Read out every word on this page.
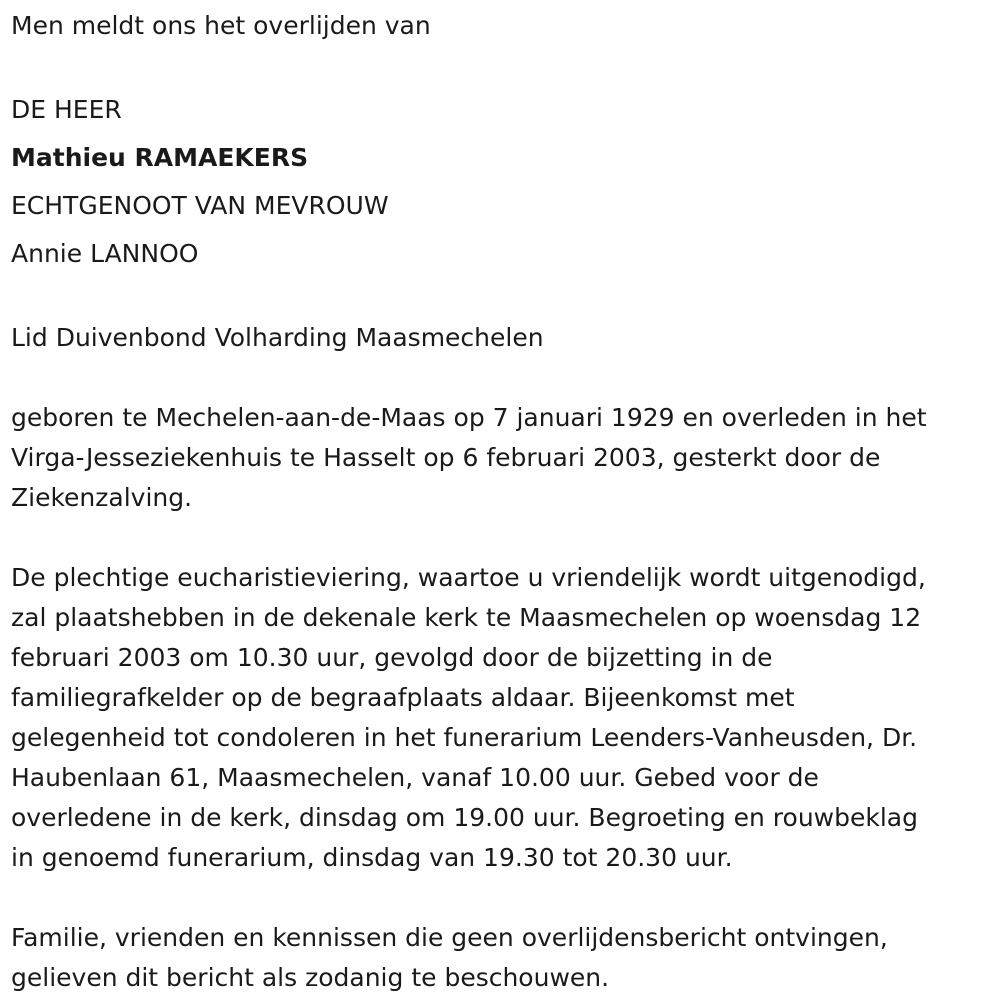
Men meldt ons het overlijden van

DE HEER

Mathieu RAMAEKERS

ECHTGENOOT VAN MEVROUW

Annie LANNOO

Lid Duivenbond Volharding Maasmechelen

geboren te Mechelen-aan-de-Maas op 7 januari 1929 en overleden in het

Virga-Jesseziekenhuis te Hasselt op 6 februari 2003, gesterkt door de

Ziekenzalving.

De plechtige eucharistieviering, waartoe u vriendelijk wordt uitgenodigd,

zal plaatshebben in de dekenale kerk te Maasmechelen op woensdag 12

februari 2003 om 10.30 uur, gevolgd door de bijzetting in de

familiegrafkelder op de begraafplaats aldaar. Bijeenkomst met

gelegenheid tot condoleren in het funerarium Leenders-Vanheusden, Dr.

Haubenlaan 61, Maasmechelen, vanaf 10.00 uur. Gebed voor de

overledene in de kerk, dinsdag om 19.00 uur. Begroeting en rouwbeklag

in genoemd funerarium, dinsdag van 19.30 tot 20.30 uur.

Familie, vrienden en kennissen die geen overlijdensbericht ontvingen,

gelieven dit bericht als zodanig te beschouwen.
